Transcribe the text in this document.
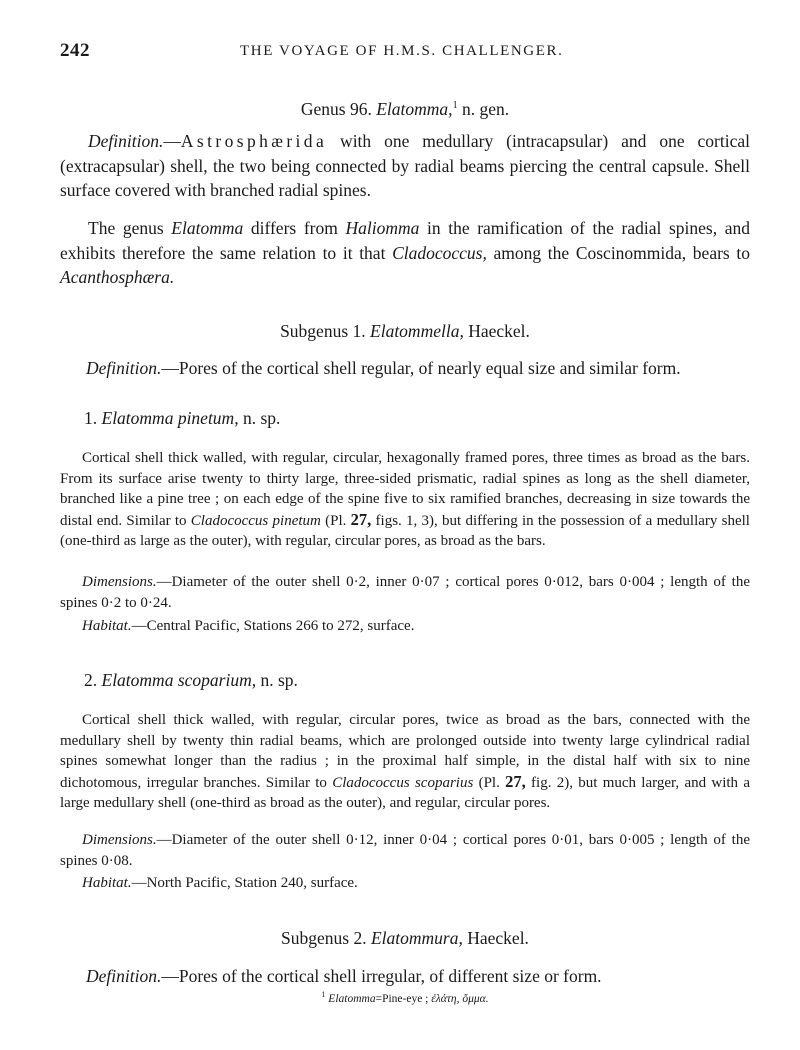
242	THE VOYAGE OF H.M.S. CHALLENGER.
Genus 96. Elatomma,$^1$ n. gen.

Definition.—Astrosphærida with one medullary (intracapsular) and one cortical (extracapsular) shell, the two being connected by radial beams piercing the central capsule. Shell surface covered with branched radial spines.

The genus Elatomma differs from Haliomma in the ramification of the radial spines, and exhibits therefore the same relation to it that Cladococcus, among the Coscinommida, bears to Acanthosphæra.

Subgenus 1. Elatommella, Haeckel.

Definition.—Pores of the cortical shell regular, of nearly equal size and similar form.

1. Elatomma pinetum, n. sp.

Cortical shell thick walled, with regular, circular, hexagonally framed pores, three times as broad as the bars. From its surface arise twenty to thirty large, three-sided prismatic, radial spines as long as the shell diameter, branched like a pine tree ; on each edge of the spine five to six ramified branches, decreasing in size towards the distal end. Similar to Cladococcus pinetum (Pl. 27, figs. 1, 3), but differing in the possession of a medullary shell (one-third as large as the outer), with regular, circular pores, as broad as the bars.

Dimensions.—Diameter of the outer shell 0·2, inner 0·07 ; cortical pores 0·012, bars 0·004 ; length of the spines 0·2 to 0·24.

Habitat.—Central Pacific, Stations 266 to 272, surface.

2. Elatomma scoparium, n. sp.

Cortical shell thick walled, with regular, circular pores, twice as broad as the bars, connected with the medullary shell by twenty thin radial beams, which are prolonged outside into twenty large cylindrical radial spines somewhat longer than the radius ; in the proximal half simple, in the distal half with six to nine dichotomous, irregular branches. Similar to Cladococcus scoparius (Pl. 27, fig. 2), but much larger, and with a large medullary shell (one-third as broad as the outer), and regular, circular pores.

Dimensions.—Diameter of the outer shell 0·12, inner 0·04 ; cortical pores 0·01, bars 0·005 ; length of the spines 0·08.

Habitat.—North Pacific, Station 240, surface.

Subgenus 2. Elatommura, Haeckel.

Definition.—Pores of the cortical shell irregular, of different size or form.

$^1$ Elatomma=Pine-eye ; ἐλάτη, ὄμμα.
